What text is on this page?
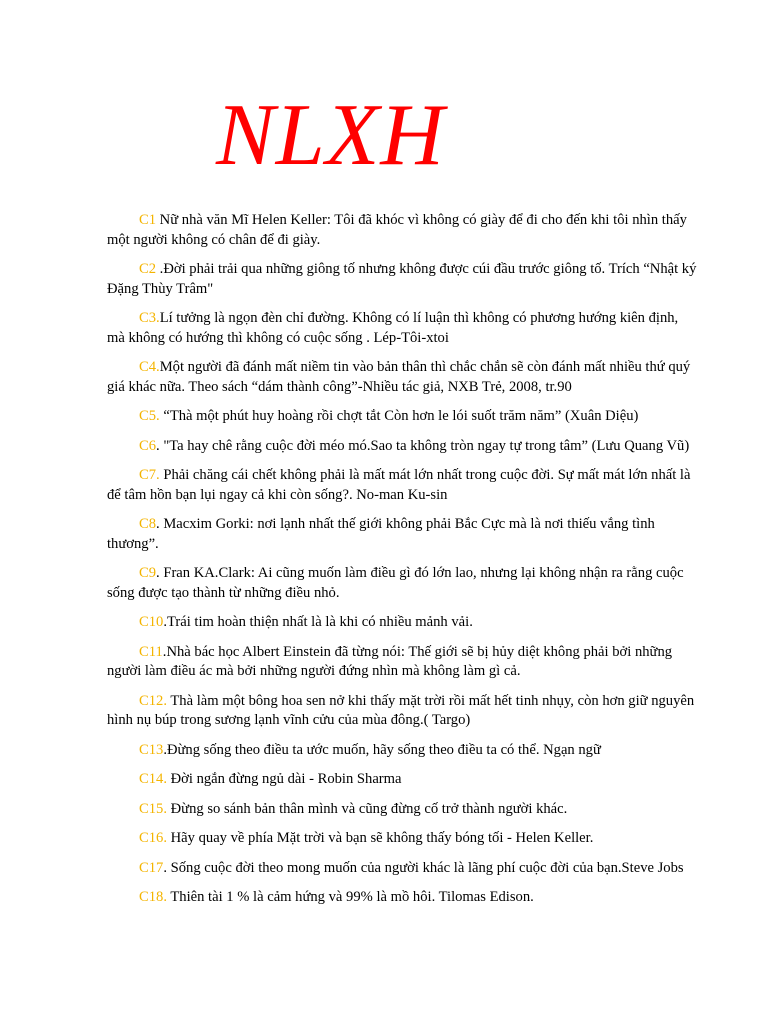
NLXH
C1 Nữ nhà văn Mĩ Helen Keller: Tôi đã khóc vì không có giày để đi cho đến khi tôi nhìn thấy một người không có chân để đi giày.
C2 .Đời phải trải qua những giông tố nhưng không được cúi đầu trước giông tố. Trích “Nhật ký Đặng Thùy Trâm"
C3.Lí tưởng là ngọn đèn chỉ đường. Không có lí luận thì không có phương hướng kiên định, mà không có hướng thì không có cuộc sống . Lép-Tôi-xtoi
C4.Một người đã đánh mất niềm tin vào bản thân thì chắc chắn sẽ còn đánh mất nhiều thứ quý giá khác nữa. Theo sách “dám thành công”-Nhiều tác giả, NXB Trẻ, 2008, tr.90
C5. “Thà một phút huy hoàng rồi chợt tắt Còn hơn le lói suốt trăm năm” (Xuân Diệu)
C6. "Ta hay chê rằng cuộc đời méo mó.Sao ta không tròn ngay tự trong tâm” (Lưu Quang Vũ)
C7. Phải chăng cái chết không phải là mất mát lớn nhất trong cuộc đời. Sự mất mát lớn nhất là để tâm hồn bạn lụi ngay cả khi còn sống?. No-man Ku-sin
C8. Macxim Gorki: nơi lạnh nhất thế giới không phải Bắc Cực mà là nơi thiếu vắng tình thương”.
C9. Fran KA.Clark: Ai cũng muốn làm điều gì đó lớn lao, nhưng lại không nhận ra rằng cuộc sống được tạo thành từ những điều nhỏ.
C10.Trái tim hoàn thiện nhất là là khi có nhiều mảnh vải.
C11.Nhà bác học Albert Einstein đã từng nói: Thế giới sẽ bị hủy diệt không phải bởi những người làm điều ác mà bởi những người đứng nhìn mà không làm gì cả.
C12. Thà làm một bông hoa sen nở khi thấy mặt trời rồi mất hết tinh nhụy, còn hơn giữ nguyên hình nụ búp trong sương lạnh vĩnh cửu của mùa đông.( Targo)
C13.Đừng sống theo điều ta ước muốn, hãy sống theo điều ta có thể. Ngạn ngữ
C14. Đời ngắn đừng ngủ dài - Robin Sharma
C15. Đừng so sánh bản thân mình và cũng đừng cố trở thành người khác.
C16. Hãy quay về phía Mặt trời và bạn sẽ không thấy bóng tối - Helen Keller.
C17. Sống cuộc đời theo mong muốn của người khác là lãng phí cuộc đời của bạn.Steve Jobs
C18. Thiên tài 1 % là cảm hứng và 99% là mồ hôi. Tilomas Edison.
